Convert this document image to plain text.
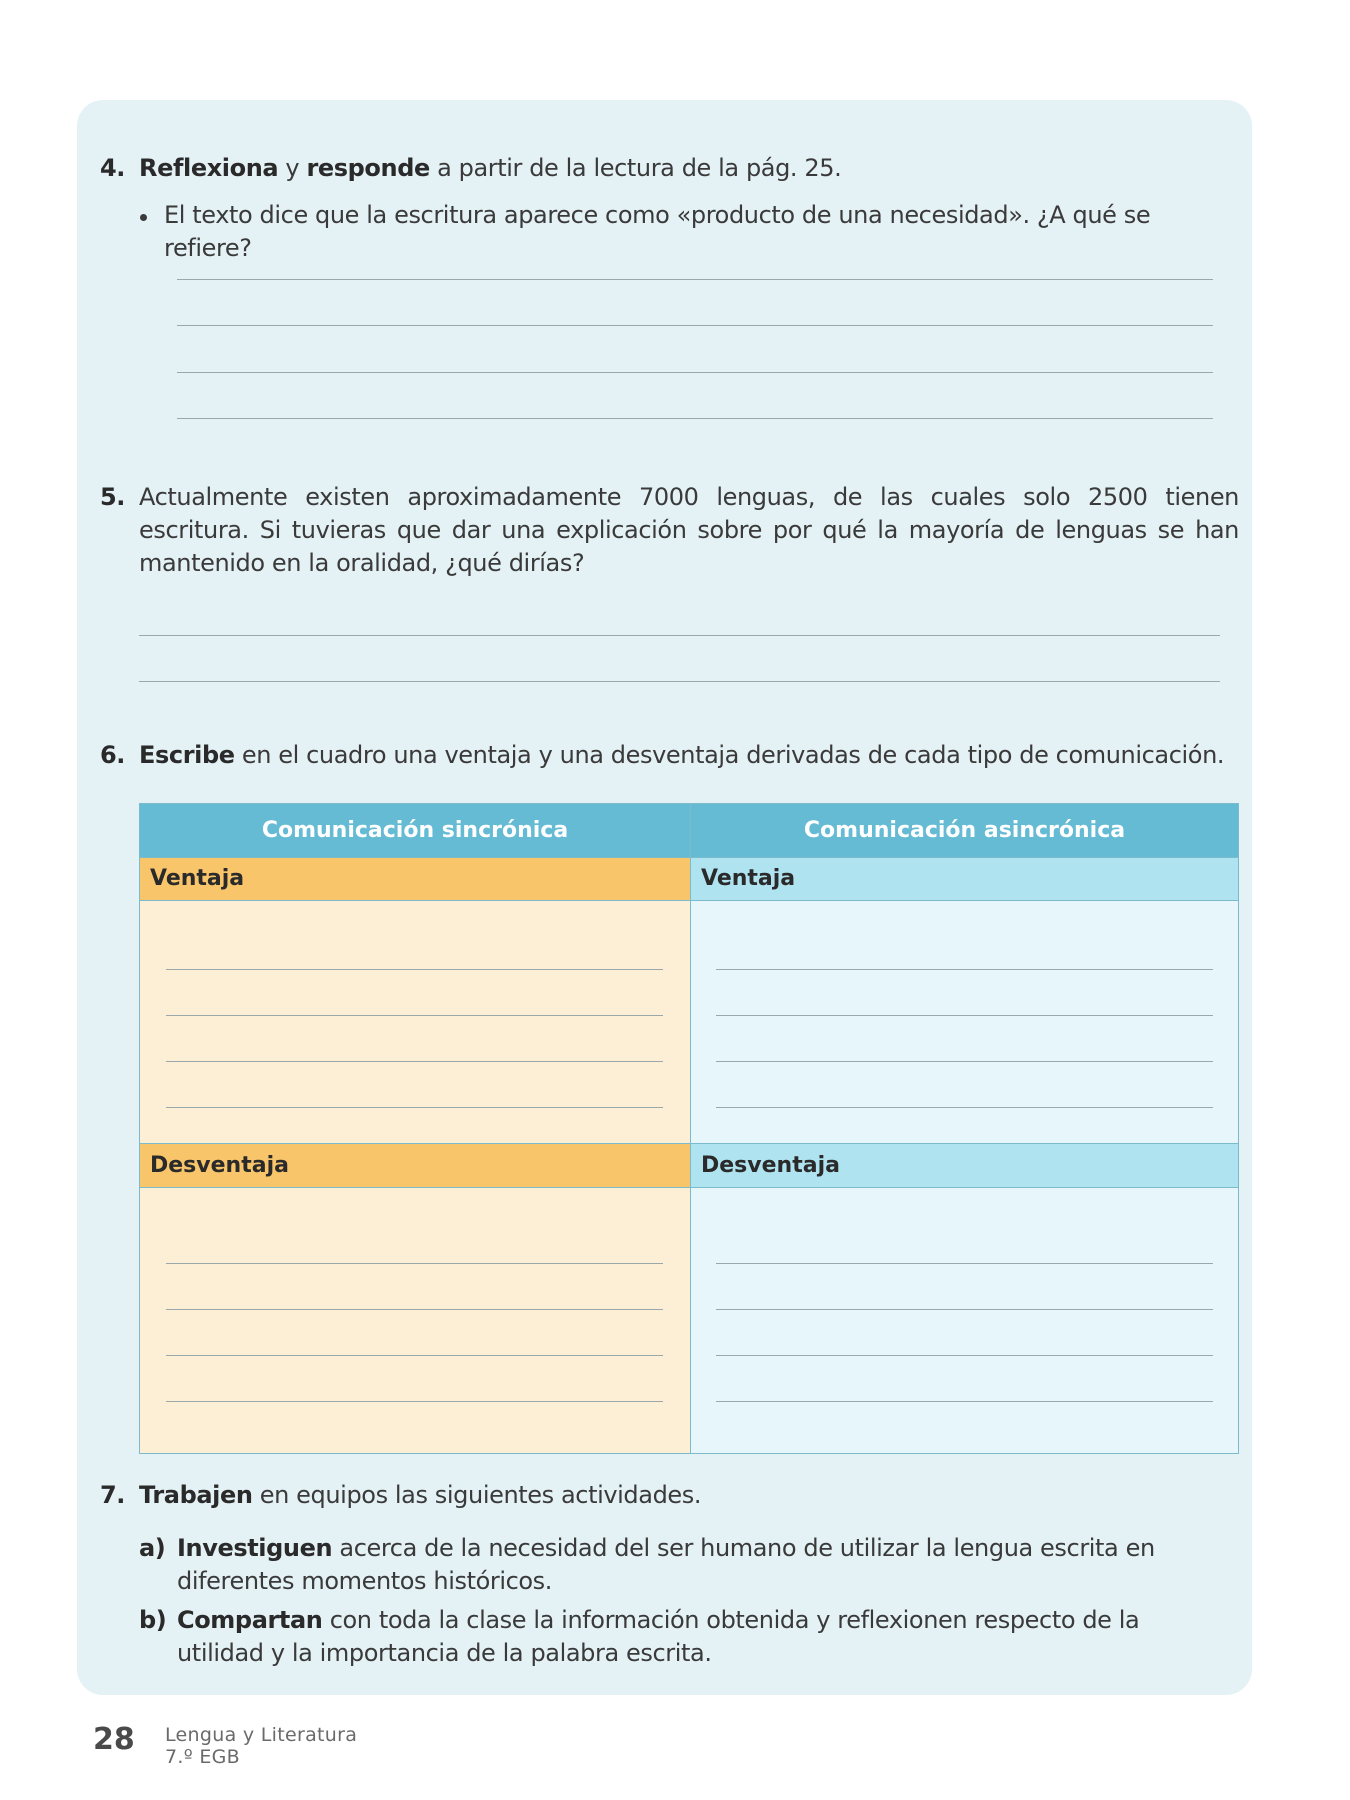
4. Reflexiona y responde a partir de la lectura de la pág. 25.
El texto dice que la escritura aparece como «producto de una necesidad». ¿A qué se refiere?
5. Actualmente existen aproximadamente 7000 lenguas, de las cuales solo 2500 tienen escritura. Si tuvieras que dar una explicación sobre por qué la mayoría de lenguas se han mantenido en la oralidad, ¿qué dirías?
6. Escribe en el cuadro una ventaja y una desventaja derivadas de cada tipo de comunicación.
Comunicación sincrónica	Comunicación asincrónica
Ventaja	Ventaja
Desventaja	Desventaja
7. Trabajen en equipos las siguientes actividades.
a) Investiguen acerca de la necesidad del ser humano de utilizar la lengua escrita en diferentes momentos históricos.
b) Compartan con toda la clase la información obtenida y reflexionen respecto de la utilidad y la importancia de la palabra escrita.
28 Lengua y Literatura
7.º EGB
